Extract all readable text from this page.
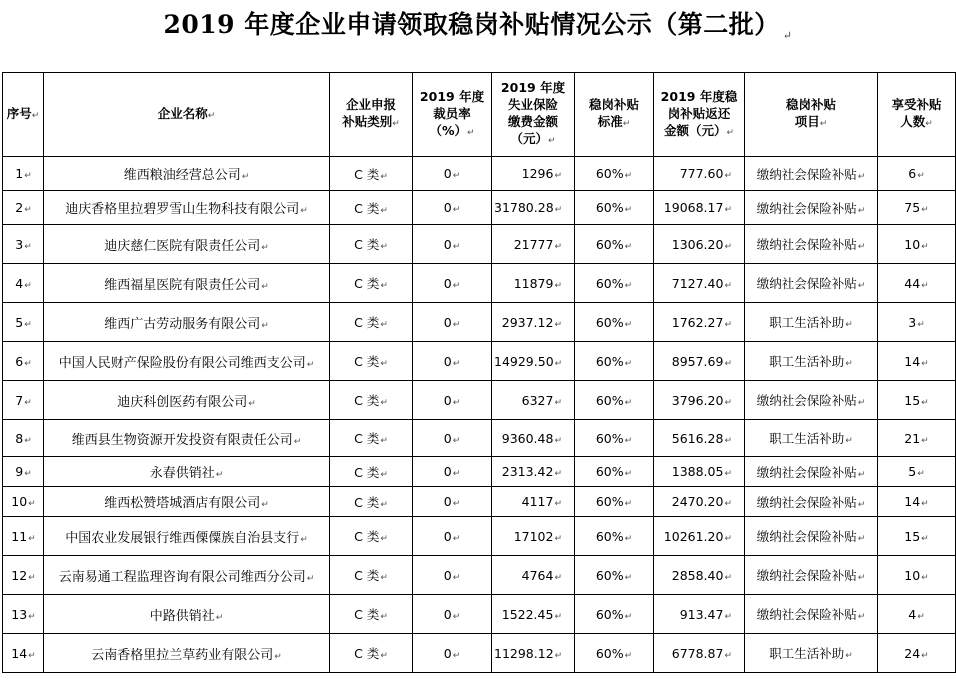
2019 年度企业申请领取稳岗补贴情况公示（第二批） $_↵$
序号↵	企业名称↵	企业申报
补贴类别↵	2019 年度
裁员率
（%）↵	2019 年度
失业保险
缴费金额
（元）↵	稳岗补贴
标准↵	2019 年度稳
岗补贴返还
金额（元）↵	稳岗补贴
项目↵	享受补贴
人数↵
1↵	维西粮油经营总公司↵	C 类↵	0↵	1296↵	60%↵	777.60↵	缴纳社会保险补贴↵	6↵
2↵	迪庆香格里拉碧罗雪山生物科技有限公司↵	C 类↵	0↵	31780.28↵	60%↵	19068.17↵	缴纳社会保险补贴↵	75↵
3↵	迪庆慈仁医院有限责任公司↵	C 类↵	0↵	21777↵	60%↵	1306.20↵	缴纳社会保险补贴↵	10↵
4↵	维西福星医院有限责任公司↵	C 类↵	0↵	11879↵	60%↵	7127.40↵	缴纳社会保险补贴↵	44↵
5↵	维西广古劳动服务有限公司↵	C 类↵	0↵	2937.12↵	60%↵	1762.27↵	职工生活补助↵	3↵
6↵	中国人民财产保险股份有限公司维西支公司↵	C 类↵	0↵	14929.50↵	60%↵	8957.69↵	职工生活补助↵	14↵
7↵	迪庆科创医药有限公司↵	C 类↵	0↵	6327↵	60%↵	3796.20↵	缴纳社会保险补贴↵	15↵
8↵	维西县生物资源开发投资有限责任公司↵	C 类↵	0↵	9360.48↵	60%↵	5616.28↵	职工生活补助↵	21↵
9↵	永春供销社↵	C 类↵	0↵	2313.42↵	60%↵	1388.05↵	缴纳社会保险补贴↵	5↵
10↵	维西松赞塔城酒店有限公司↵	C 类↵	0↵	4117↵	60%↵	2470.20↵	缴纳社会保险补贴↵	14↵
11↵	中国农业发展银行维西傈僳族自治县支行↵	C 类↵	0↵	17102↵	60%↵	10261.20↵	缴纳社会保险补贴↵	15↵
12↵	云南易通工程监理咨询有限公司维西分公司↵	C 类↵	0↵	4764↵	60%↵	2858.40↵	缴纳社会保险补贴↵	10↵
13↵	中路供销社↵	C 类↵	0↵	1522.45↵	60%↵	913.47↵	缴纳社会保险补贴↵	4↵
14↵	云南香格里拉兰草药业有限公司↵	C 类↵	0↵	11298.12↵	60%↵	6778.87↵	职工生活补助↵	24↵
